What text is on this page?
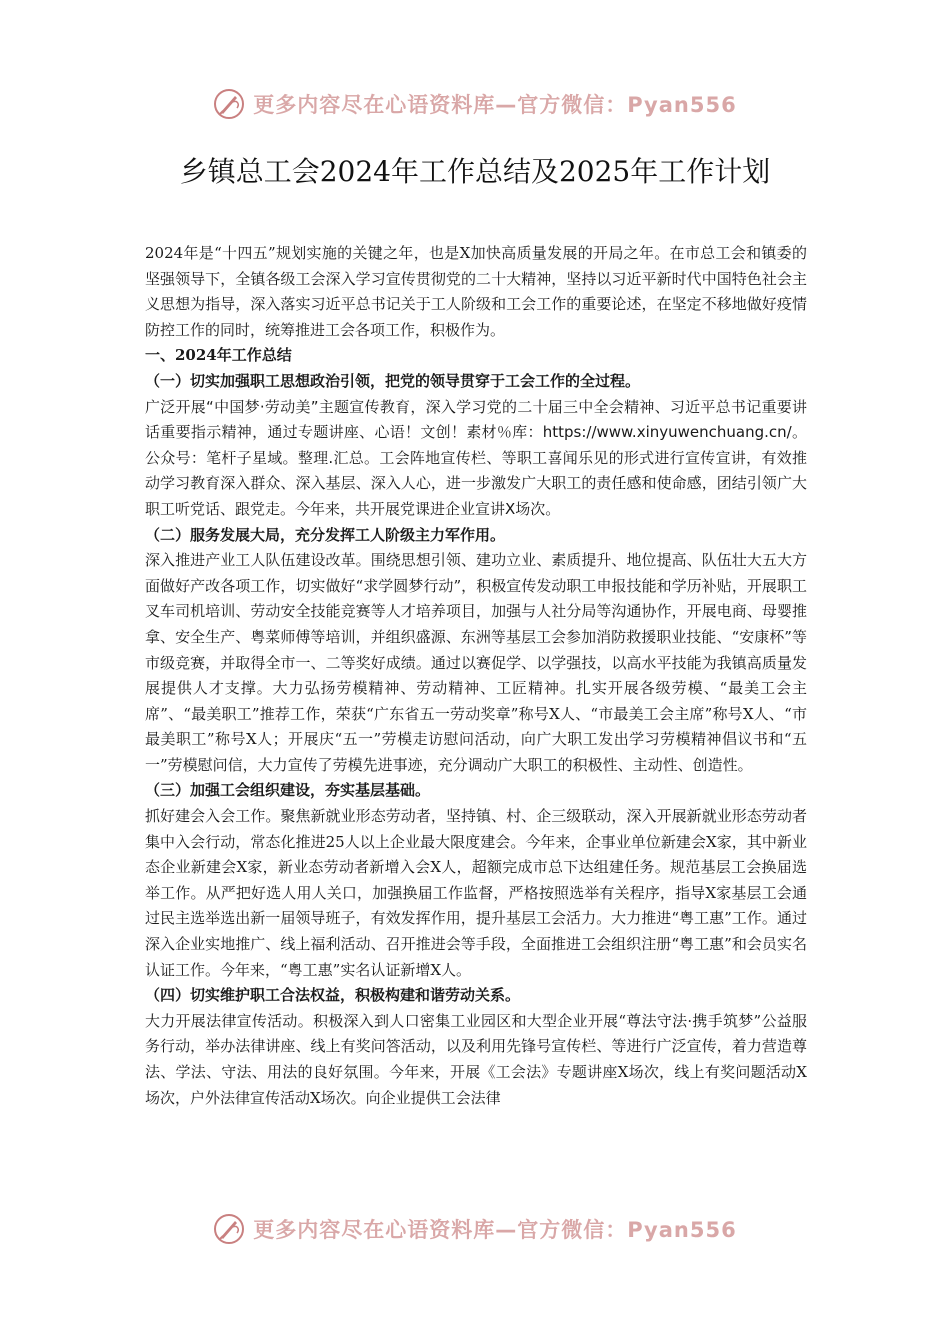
更多内容尽在心语资料库—官方微信：Pyan556
乡镇总工会2024年工作总结及2025年工作计划

2024年是“十四五”规划实施的关键之年，也是X加快高质量发展的开局之年。在市总工会和镇委的坚强领导下，全镇各级工会深入学习宣传贯彻党的二十大精神，坚持以习近平新时代中国特色社会主义思想为指导，深入落实习近平总书记关于工人阶级和工会工作的重要论述，在坚定不移地做好疫情防控工作的同时，统筹推进工会各项工作，积极作为。

一、2024年工作总结

（一）切实加强职工思想政治引领，把党的领导贯穿于工会工作的全过程。

广泛开展“中国梦·劳动美”主题宣传教育，深入学习党的二十届三中全会精神、习近平总书记重要讲话重要指示精神，通过专题讲座、心语！文创！素材％库：https://www.xinyuwenchuang.cn/。公众号：笔杆子星域。整理.汇总。工会阵地宣传栏、等职工喜闻乐见的形式进行宣传宣讲，有效推动学习教育深入群众、深入基层、深入人心，进一步激发广大职工的责任感和使命感，团结引领广大职工听党话、跟党走。今年来，共开展党课进企业宣讲X场次。

（二）服务发展大局，充分发挥工人阶级主力军作用。

深入推进产业工人队伍建设改革。围绕思想引领、建功立业、素质提升、地位提高、队伍壮大五大方面做好产改各项工作，切实做好“求学圆梦行动”，积极宣传发动职工申报技能和学历补贴，开展职工叉车司机培训、劳动安全技能竞赛等人才培养项目，加强与人社分局等沟通协作，开展电商、母婴推拿、安全生产、粤菜师傅等培训，并组织盛源、东洲等基层工会参加消防救援职业技能、“安康杯”等市级竞赛，并取得全市一、二等奖好成绩。通过以赛促学、以学强技，以高水平技能为我镇高质量发展提供人才支撑。大力弘扬劳模精神、劳动精神、工匠精神。扎实开展各级劳模、“最美工会主席”、“最美职工”推荐工作，荣获“广东省五一劳动奖章”称号X人、“市最美工会主席”称号X人、“市最美职工”称号X人；开展庆“五一”劳模走访慰问活动，向广大职工发出学习劳模精神倡议书和“五一”劳模慰问信，大力宣传了劳模先进事迹，充分调动广大职工的积极性、主动性、创造性。

（三）加强工会组织建设，夯实基层基础。

抓好建会入会工作。聚焦新就业形态劳动者，坚持镇、村、企三级联动，深入开展新就业形态劳动者集中入会行动，常态化推进25人以上企业最大限度建会。今年来，企事业单位新建会X家，其中新业态企业新建会X家，新业态劳动者新增入会X人，超额完成市总下达组建任务。规范基层工会换届选举工作。从严把好选人用人关口，加强换届工作监督，严格按照选举有关程序，指导X家基层工会通过民主选举选出新一届领导班子，有效发挥作用，提升基层工会活力。大力推进“粤工惠”工作。通过深入企业实地推广、线上福利活动、召开推进会等手段，全面推进工会组织注册“粤工惠”和会员实名认证工作。今年来，“粤工惠”实名认证新增X人。

（四）切实维护职工合法权益，积极构建和谐劳动关系。

大力开展法律宣传活动。积极深入到人口密集工业园区和大型企业开展“尊法守法·携手筑梦”公益服务行动，举办法律讲座、线上有奖问答活动，以及利用先锋号宣传栏、等进行广泛宣传，着力营造尊法、学法、守法、用法的良好氛围。今年来，开展《工会法》专题讲座X场次，线上有奖问题活动X场次，户外法律宣传活动X场次。向企业提供工会法律

更多内容尽在心语资料库—官方微信：Pyan556
